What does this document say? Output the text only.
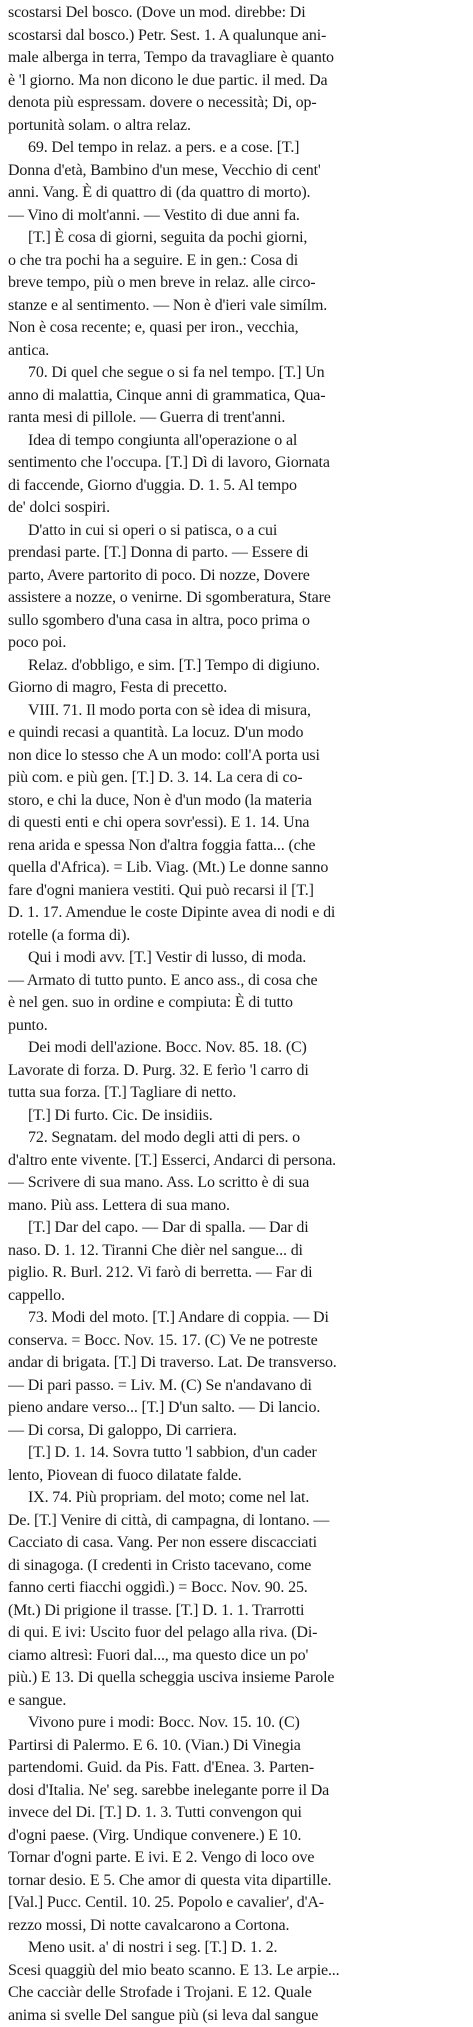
scostarsi Del bosco. (Dove un mod. direbbe: Di
scostarsi dal bosco.) Petr. Sest. 1. A qualunque ani-
male alberga in terra, Tempo da travagliare è quanto
è 'l giorno. Ma non dicono le due partic. il med. Da
denota più espressam. dovere o necessità; Di, op-
portunità solam. o altra relaz.
69. Del tempo in relaz. a pers. e a cose. [T.]
Donna d'età, Bambino d'un mese, Vecchio di cent'
anni. Vang. È di quattro di (da quattro di morto).
— Vino di molt'anni. — Vestito di due anni fa.
[T.] È cosa di giorni, seguita da pochi giorni,
o che tra pochi ha a seguire. E in gen.: Cosa di
breve tempo, più o men breve in relaz. alle circo-
stanze e al sentimento. — Non è d'ieri vale simílm.
Non è cosa recente; e, quasi per iron., vecchia,
antica.
70. Di quel che segue o si fa nel tempo. [T.] Un
anno di malattia, Cinque anni di grammatica, Qua-
ranta mesi di pillole. — Guerra di trent'anni.
Idea di tempo congiunta all'operazione o al
sentimento che l'occupa. [T.] Dì di lavoro, Giornata
di faccende, Giorno d'uggia. D. 1. 5. Al tempo
de' dolci sospiri.
D'atto in cui si operi o si patisca, o a cui
prendasi parte. [T.] Donna di parto. — Essere di
parto, Avere partorito di poco. Di nozze, Dovere
assistere a nozze, o venirne. Di sgomberatura, Stare
sullo sgombero d'una casa in altra, poco prima o
poco poi.
Relaz. d'obbligo, e sim. [T.] Tempo di digiuno.
Giorno di magro, Festa di precetto.
VIII. 71. Il modo porta con sè idea di misura,
e quindi recasi a quantità. La locuz. D'un modo
non dice lo stesso che A un modo: coll'A porta usi
più com. e più gen. [T.] D. 3. 14. La cera di co-
storo, e chi la duce, Non è d'un modo (la materia
di questi enti e chi opera sovr'essi). E 1. 14. Una
rena arida e spessa Non d'altra foggia fatta... (che
quella d'Africa). = Lib. Viag. (Mt.) Le donne sanno
fare d'ogni maniera vestiti. Qui può recarsi il [T.]
D. 1. 17. Amendue le coste Dipinte avea di nodi e di
rotelle (a forma di).
Qui i modi avv. [T.] Vestir di lusso, di moda.
— Armato di tutto punto. E anco ass., di cosa che
è nel gen. suo in ordine e compiuta: È di tutto
punto.
Dei modi dell'azione. Bocc. Nov. 85. 18. (C)
Lavorate di forza. D. Purg. 32. E ferìo 'l carro di
tutta sua forza. [T.] Tagliare di netto.
[T.] Di furto. Cic. De insidiis.
72. Segnatam. del modo degli atti di pers. o
d'altro ente vivente. [T.] Esserci, Andarci di persona.
— Scrivere di sua mano. Ass. Lo scritto è di sua
mano. Più ass. Lettera di sua mano.
[T.] Dar del capo. — Dar di spalla. — Dar di
naso. D. 1. 12. Tiranni Che dièr nel sangue... di
piglio. R. Burl. 212. Vi farò di berretta. — Far di
cappello.
73. Modi del moto. [T.] Andare di coppia. — Di
conserva. = Bocc. Nov. 15. 17. (C) Ve ne potreste
andar di brigata. [T.] Di traverso. Lat. De transverso.
— Di pari passo. = Liv. M. (C) Se n'andavano di
pieno andare verso... [T.] D'un salto. — Di lancio.
— Di corsa, Di galoppo, Di carriera.
[T.] D. 1. 14. Sovra tutto 'l sabbion, d'un cader
lento, Piovean di fuoco dilatate falde.
IX. 74. Più propriam. del moto; come nel lat.
De. [T.] Venire di città, di campagna, di lontano. —
Cacciato di casa. Vang. Per non essere discacciati
di sinagoga. (I credenti in Cristo tacevano, come
fanno certi fiacchi oggidì.) = Bocc. Nov. 90. 25.
(Mt.) Di prigione il trasse. [T.] D. 1. 1. Trarrotti
di qui. E ivi: Uscito fuor del pelago alla riva. (Di-
ciamo altresì: Fuori dal..., ma questo dice un po'
più.) E 13. Di quella scheggia usciva insieme Parole
e sangue.
Vivono pure i modi: Bocc. Nov. 15. 10. (C)
Partirsi di Palermo. E 6. 10. (Vian.) Di Vinegia
partendomi. Guid. da Pis. Fatt. d'Enea. 3. Parten-
dosi d'Italia. Ne' seg. sarebbe inelegante porre il Da
invece del Di. [T.] D. 1. 3. Tutti convengon qui
d'ogni paese. (Virg. Undique convenere.) E 10.
Tornar d'ogni parte. E ivi. E 2. Vengo di loco ove
tornar desio. E 5. Che amor di questa vita dipartille.
[Val.] Pucc. Centil. 10. 25. Popolo e cavalier', d'A-
rezzo mossi, Di notte cavalcarono a Cortona.
Meno usit. a' di nostri i seg. [T.] D. 1. 2.
Scesi quaggiù del mio beato scanno. E 13. Le arpie...
Che cacciàr delle Strofade i Trojani. E 12. Quale
anima si svelle Del sangue più (si leva dal sangue
